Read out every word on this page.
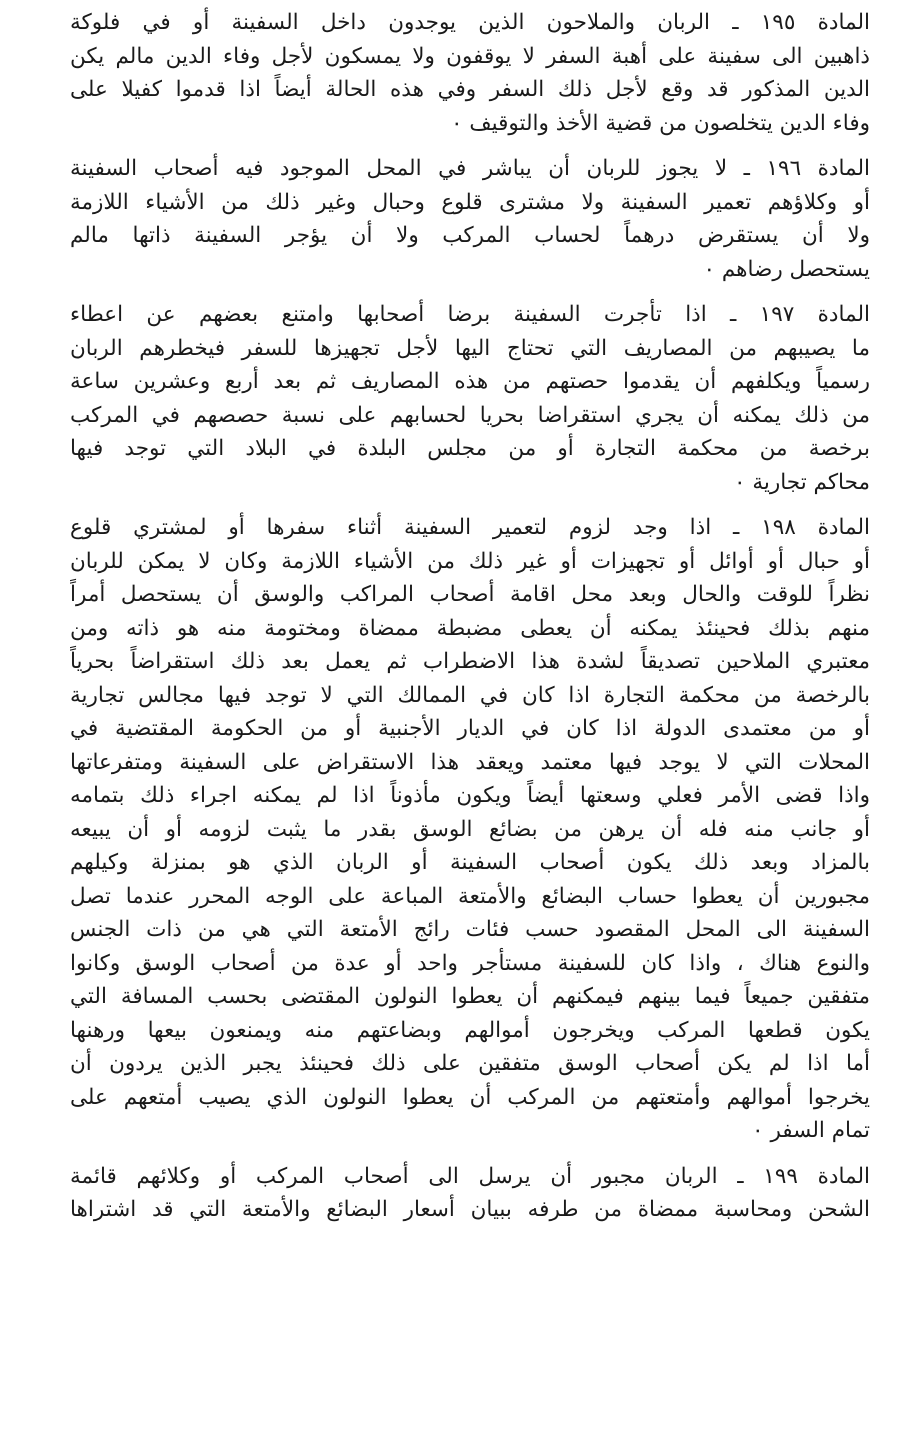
المادة ١٩٥ ـ الربان والملاحون الذين يوجدون داخل السفينة أو في فلوكة
ذاهبين الى سفينة على أهبة السفر لا يوقفون ولا يمسكون لأجل وفاء الدين مالم يكن
الدين المذكور قد وقع لأجل ذلك السفر وفي هذه الحالة أيضاً اذا قدموا كفيلا على
وفاء الدين يتخلصون من قضية الأخذ والتوقيف ٠
المادة ١٩٦ ـ لا يجوز للربان أن يباشر في المحل الموجود فيه أصحاب السفينة
أو وكلاؤهم تعمير السفينة ولا مشترى قلوع وحبال وغير ذلك من الأشياء اللازمة
ولا أن يستقرض درهماً لحساب المركب ولا أن يؤجر السفينة ذاتها مالم
يستحصل رضاهم ٠
المادة ١٩٧ ـ اذا تأجرت السفينة برضا أصحابها وامتنع بعضهم عن اعطاء
ما يصيبهم من المصاريف التي تحتاج اليها لأجل تجهيزها للسفر فيخطرهم الربان
رسمياً ويكلفهم أن يقدموا حصتهم من هذه المصاريف ثم بعد أربع وعشرين ساعة
من ذلك يمكنه أن يجري استقراضا بحريا لحسابهم على نسبة حصصهم في المركب
برخصة من محكمة التجارة أو من مجلس البلدة في البلاد التي توجد فيها
محاكم تجارية ٠
المادة ١٩٨ ـ اذا وجد لزوم لتعمير السفينة أثناء سفرها أو لمشتري قلوع
أو حبال أو أوائل أو تجهيزات أو غير ذلك من الأشياء اللازمة وكان لا يمكن للربان
نظراً للوقت والحال وبعد محل اقامة أصحاب المراكب والوسق أن يستحصل أمراً
منهم بذلك فحينئذ يمكنه أن يعطى مضبطة ممضاة ومختومة منه هو ذاته ومن
معتبري الملاحين تصديقاً لشدة هذا الاضطراب ثم يعمل بعد ذلك استقراضاً بحرياً
بالرخصة من محكمة التجارة اذا كان في الممالك التي لا توجد فيها مجالس تجارية
أو من معتمدى الدولة اذا كان في الديار الأجنبية أو من الحكومة المقتضية في
المحلات التي لا يوجد فيها معتمد ويعقد هذا الاستقراض على السفينة ومتفرعاتها
واذا قضى الأمر فعلي وسعتها أيضاً ويكون مأذوناً اذا لم يمكنه اجراء ذلك بتمامه
أو جانب منه فله أن يرهن من بضائع الوسق بقدر ما يثبت لزومه أو أن يبيعه
بالمزاد وبعد ذلك يكون أصحاب السفينة أو الربان الذي هو بمنزلة وكيلهم
مجبورين أن يعطوا حساب البضائع والأمتعة المباعة على الوجه المحرر عندما تصل
السفينة الى المحل المقصود حسب فئات رائج الأمتعة التي هي من ذات الجنس
والنوع هناك ، واذا كان للسفينة مستأجر واحد أو عدة من أصحاب الوسق وكانوا
متفقين جميعاً فيما بينهم فيمكنهم أن يعطوا النولون المقتضى بحسب المسافة التي
يكون قطعها المركب ويخرجون أموالهم وبضاعتهم منه ويمنعون بيعها ورهنها
أما اذا لم يكن أصحاب الوسق متفقين على ذلك فحينئذ يجبر الذين يردون أن
يخرجوا أموالهم وأمتعتهم من المركب أن يعطوا النولون الذي يصيب أمتعهم على
تمام السفر ٠
المادة ١٩٩ ـ الربان مجبور أن يرسل الى أصحاب المركب أو وكلائهم قائمة
الشحن ومحاسبة ممضاة من طرفه ببيان أسعار البضائع والأمتعة التي قد اشتراها
